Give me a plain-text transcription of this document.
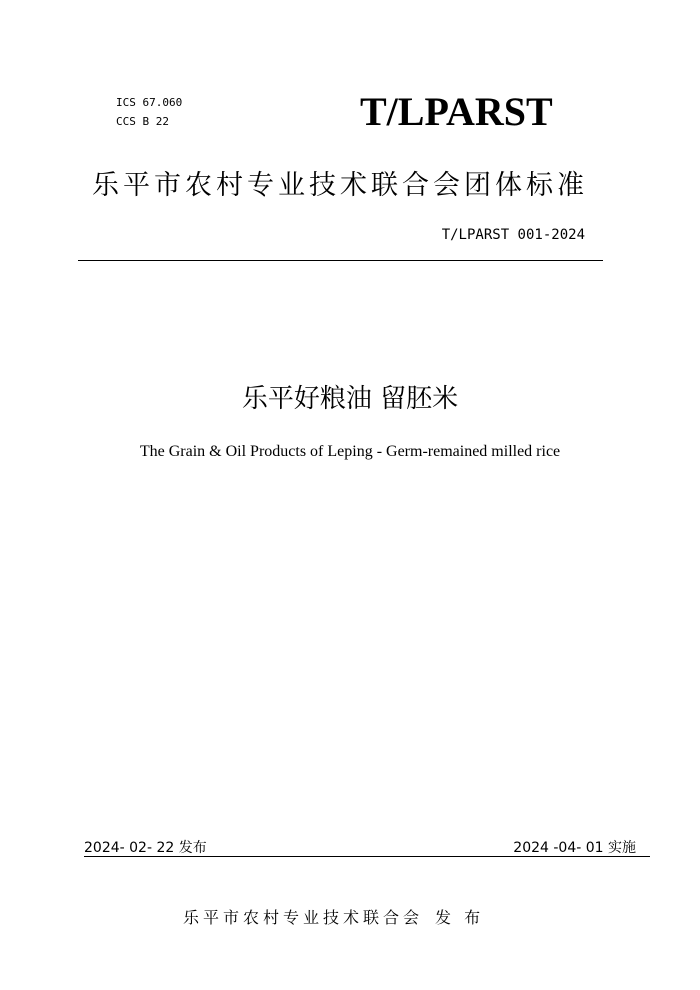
ICS 67.060
CCS B 22	T/LPARST
乐平市农村专业技术联合会团体标准
T/LPARST 001-2024
乐平好粮油 留胚米
The Grain & Oil Products of Leping - Germ-remained milled rice
2024- 02- 22 发布	2024 -04- 01 实施
乐平市农村专业技术联合会 发 布
